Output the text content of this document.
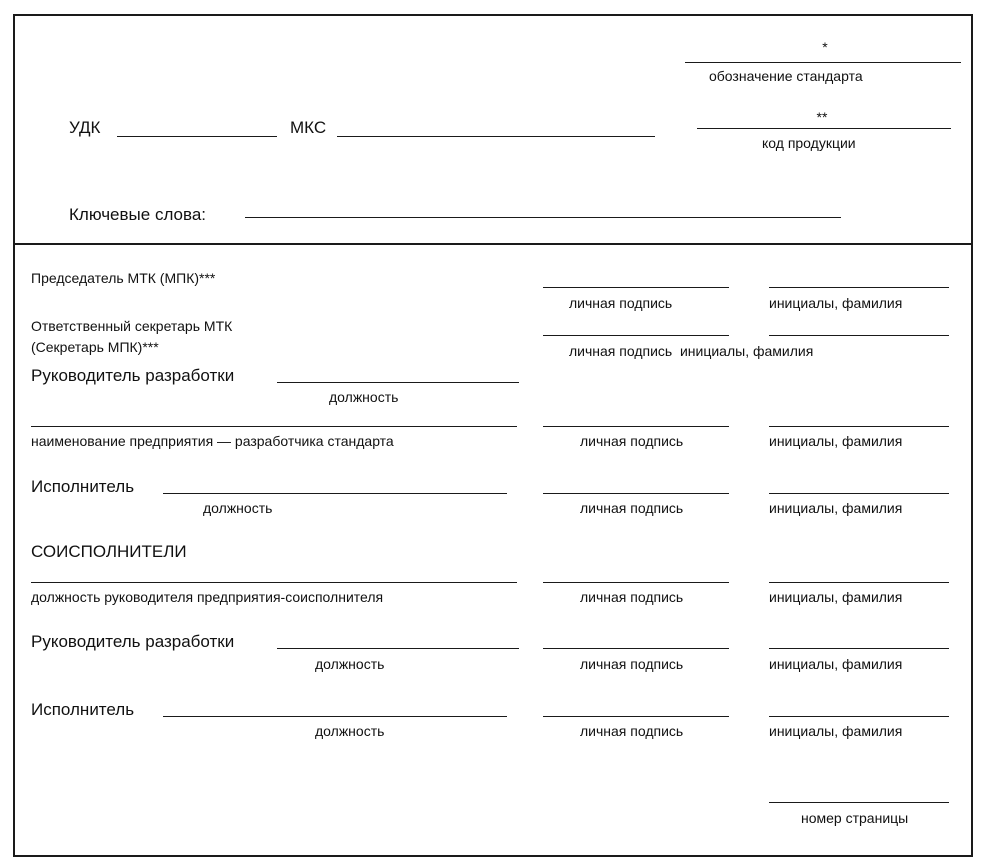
*
обозначение стандарта
УДК	МКС
**
код продукции
Ключевые слова:
Председатель МТК (МПК)***
личная подпись	инициалы, фамилия
Ответственный секретарь МТК
(Секретарь МПК)***	личная подпись  инициалы, фамилия
Руководитель разработки
должность
наименование предприятия — разработчика стандарта	личная подпись	инициалы, фамилия
Исполнитель
должность	личная подпись	инициалы, фамилия
СОИСПОЛНИТЕЛИ
должность руководителя предприятия-соисполнителя	личная подпись	инициалы, фамилия
Руководитель разработки
должность	личная подпись	инициалы, фамилия
Исполнитель
должность	личная подпись	инициалы, фамилия
номер страницы
